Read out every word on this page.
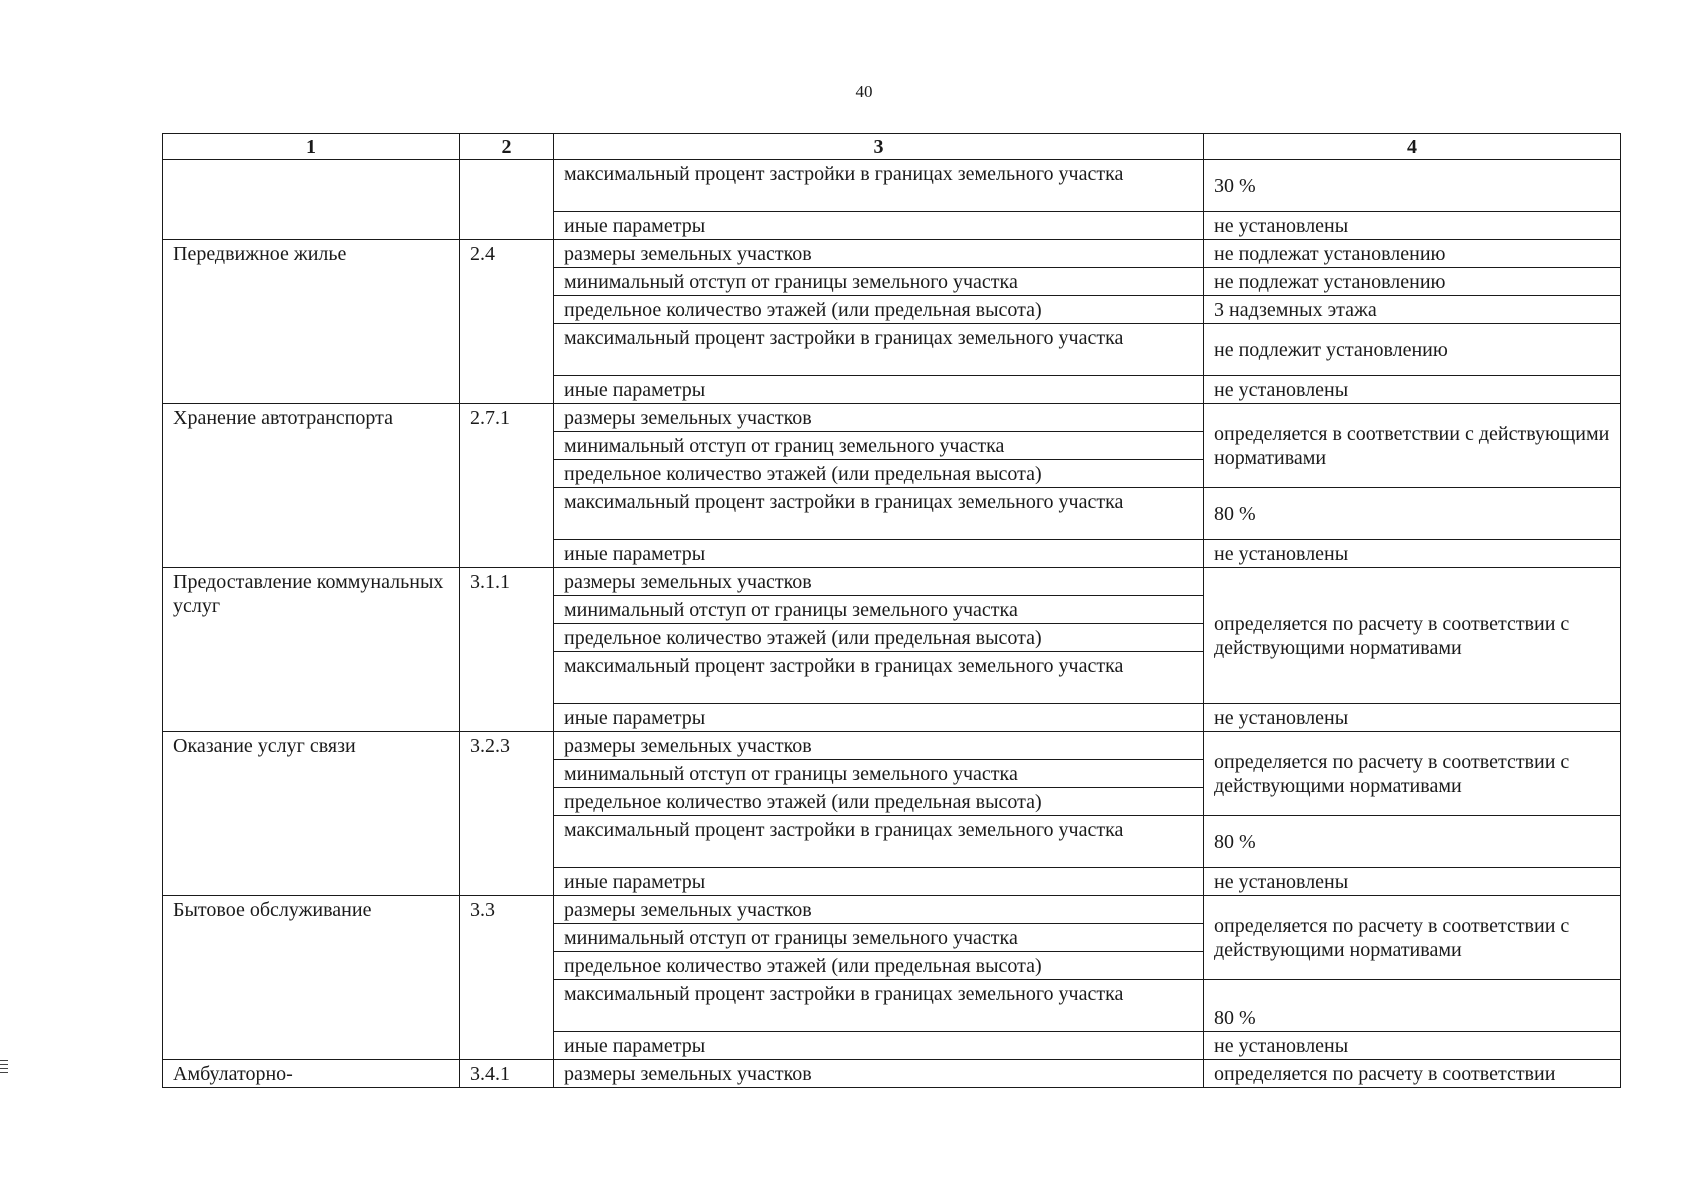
40
1	2	3	4
		максимальный процент застройки в границах земельного участка	30 %
		иные параметры	не установлены
Передвижное жилье	2.4	размеры земельных участков	не подлежат установлению
		минимальный отступ от границы земельного участка	не подлежат установлению
		предельное количество этажей (или предельная высота)	3 надземных этажа
		максимальный процент застройки в границах земельного участка	не подлежит установлению
		иные параметры	не установлены
Хранение автотранспорта	2.7.1	размеры земельных участков	определяется в соответствии с действующими нормативами
		минимальный отступ от границ земельного участка	
		предельное количество этажей (или предельная высота)	
		максимальный процент застройки в границах земельного участка	80 %
		иные параметры	не установлены
Предоставление коммунальных услуг	3.1.1	размеры земельных участков	определяется по расчету в соответствии с действующими нормативами
		минимальный отступ от границы земельного участка	
		предельное количество этажей (или предельная высота)	
		максимальный процент застройки в границах земельного участка	
		иные параметры	не установлены
Оказание услуг связи	3.2.3	размеры земельных участков	определяется по расчету в соответствии с действующими нормативами
		минимальный отступ от границы земельного участка	
		предельное количество этажей (или предельная высота)	
		максимальный процент застройки в границах земельного участка	80 %
		иные параметры	не установлены
Бытовое обслуживание	3.3	размеры земельных участков	определяется по расчету в соответствии с действующими нормативами
		минимальный отступ от границы земельного участка	
		предельное количество этажей (или предельная высота)	
		максимальный процент застройки в границах земельного участка	80 %
		иные параметры	не установлены
Амбулаторно-	3.4.1	размеры земельных участков	определяется по расчету в соответствии
